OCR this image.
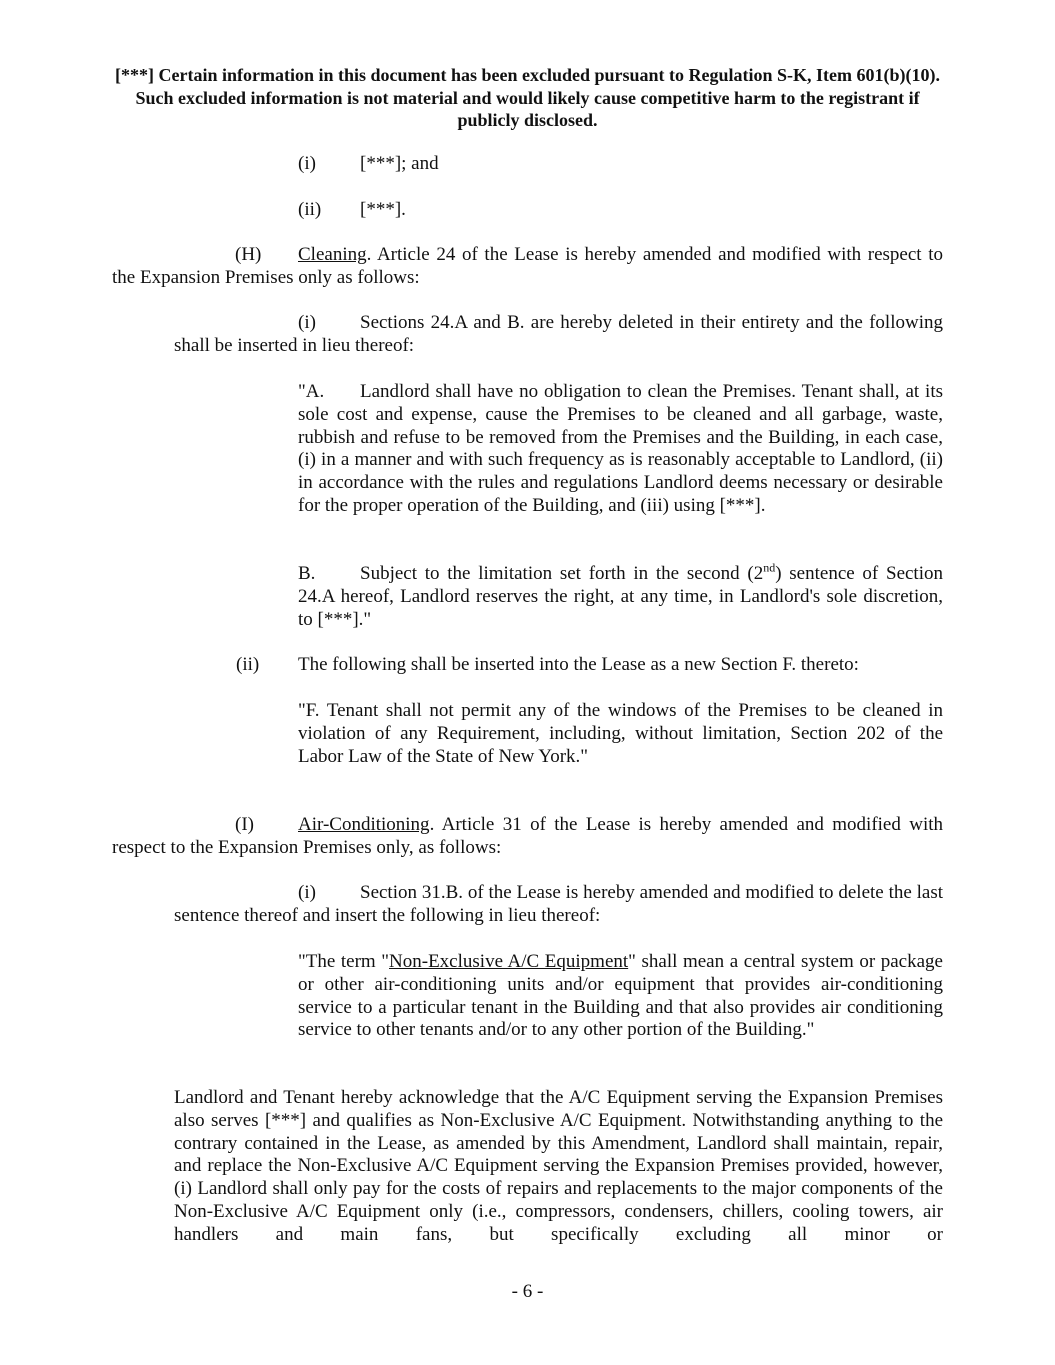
[***] Certain information in this document has been excluded pursuant to Regulation S-K, Item 601(b)(10). Such excluded information is not material and would likely cause competitive harm to the registrant if publicly disclosed.

(i) [***]; and
(ii) [***].

(H) Cleaning. Article 24 of the Lease is hereby amended and modified with respect to the Expansion Premises only as follows:

(i) Sections 24.A and B. are hereby deleted in their entirety and the following shall be inserted in lieu thereof:

"A. Landlord shall have no obligation to clean the Premises. Tenant shall, at its sole cost and expense, cause the Premises to be cleaned and all garbage, waste, rubbish and refuse to be removed from the Premises and the Building, in each case, (i) in a manner and with such frequency as is reasonably acceptable to Landlord, (ii) in accordance with the rules and regulations Landlord deems necessary or desirable for the proper operation of the Building, and (iii) using [***].

B. Subject to the limitation set forth in the second (2nd) sentence of Section 24.A hereof, Landlord reserves the right, at any time, in Landlord's sole discretion, to [***]."

(ii) The following shall be inserted into the Lease as a new Section F. thereto:

"F. Tenant shall not permit any of the windows of the Premises to be cleaned in violation of any Requirement, including, without limitation, Section 202 of the Labor Law of the State of New York."

(I) Air-Conditioning. Article 31 of the Lease is hereby amended and modified with respect to the Expansion Premises only, as follows:

(i) Section 31.B. of the Lease is hereby amended and modified to delete the last sentence thereof and insert the following in lieu thereof:

"The term "Non-Exclusive A/C Equipment" shall mean a central system or package or other air-conditioning units and/or equipment that provides air-conditioning service to a particular tenant in the Building and that also provides air conditioning service to other tenants and/or to any other portion of the Building."

Landlord and Tenant hereby acknowledge that the A/C Equipment serving the Expansion Premises also serves [***] and qualifies as Non-Exclusive A/C Equipment. Notwithstanding anything to the contrary contained in the Lease, as amended by this Amendment, Landlord shall maintain, repair, and replace the Non-Exclusive A/C Equipment serving the Expansion Premises provided, however, (i) Landlord shall only pay for the costs of repairs and replacements to the major components of the Non-Exclusive A/C Equipment only (i.e., compressors, condensers, chillers, cooling towers, air handlers and main fans, but specifically excluding all minor or

- 6 -
